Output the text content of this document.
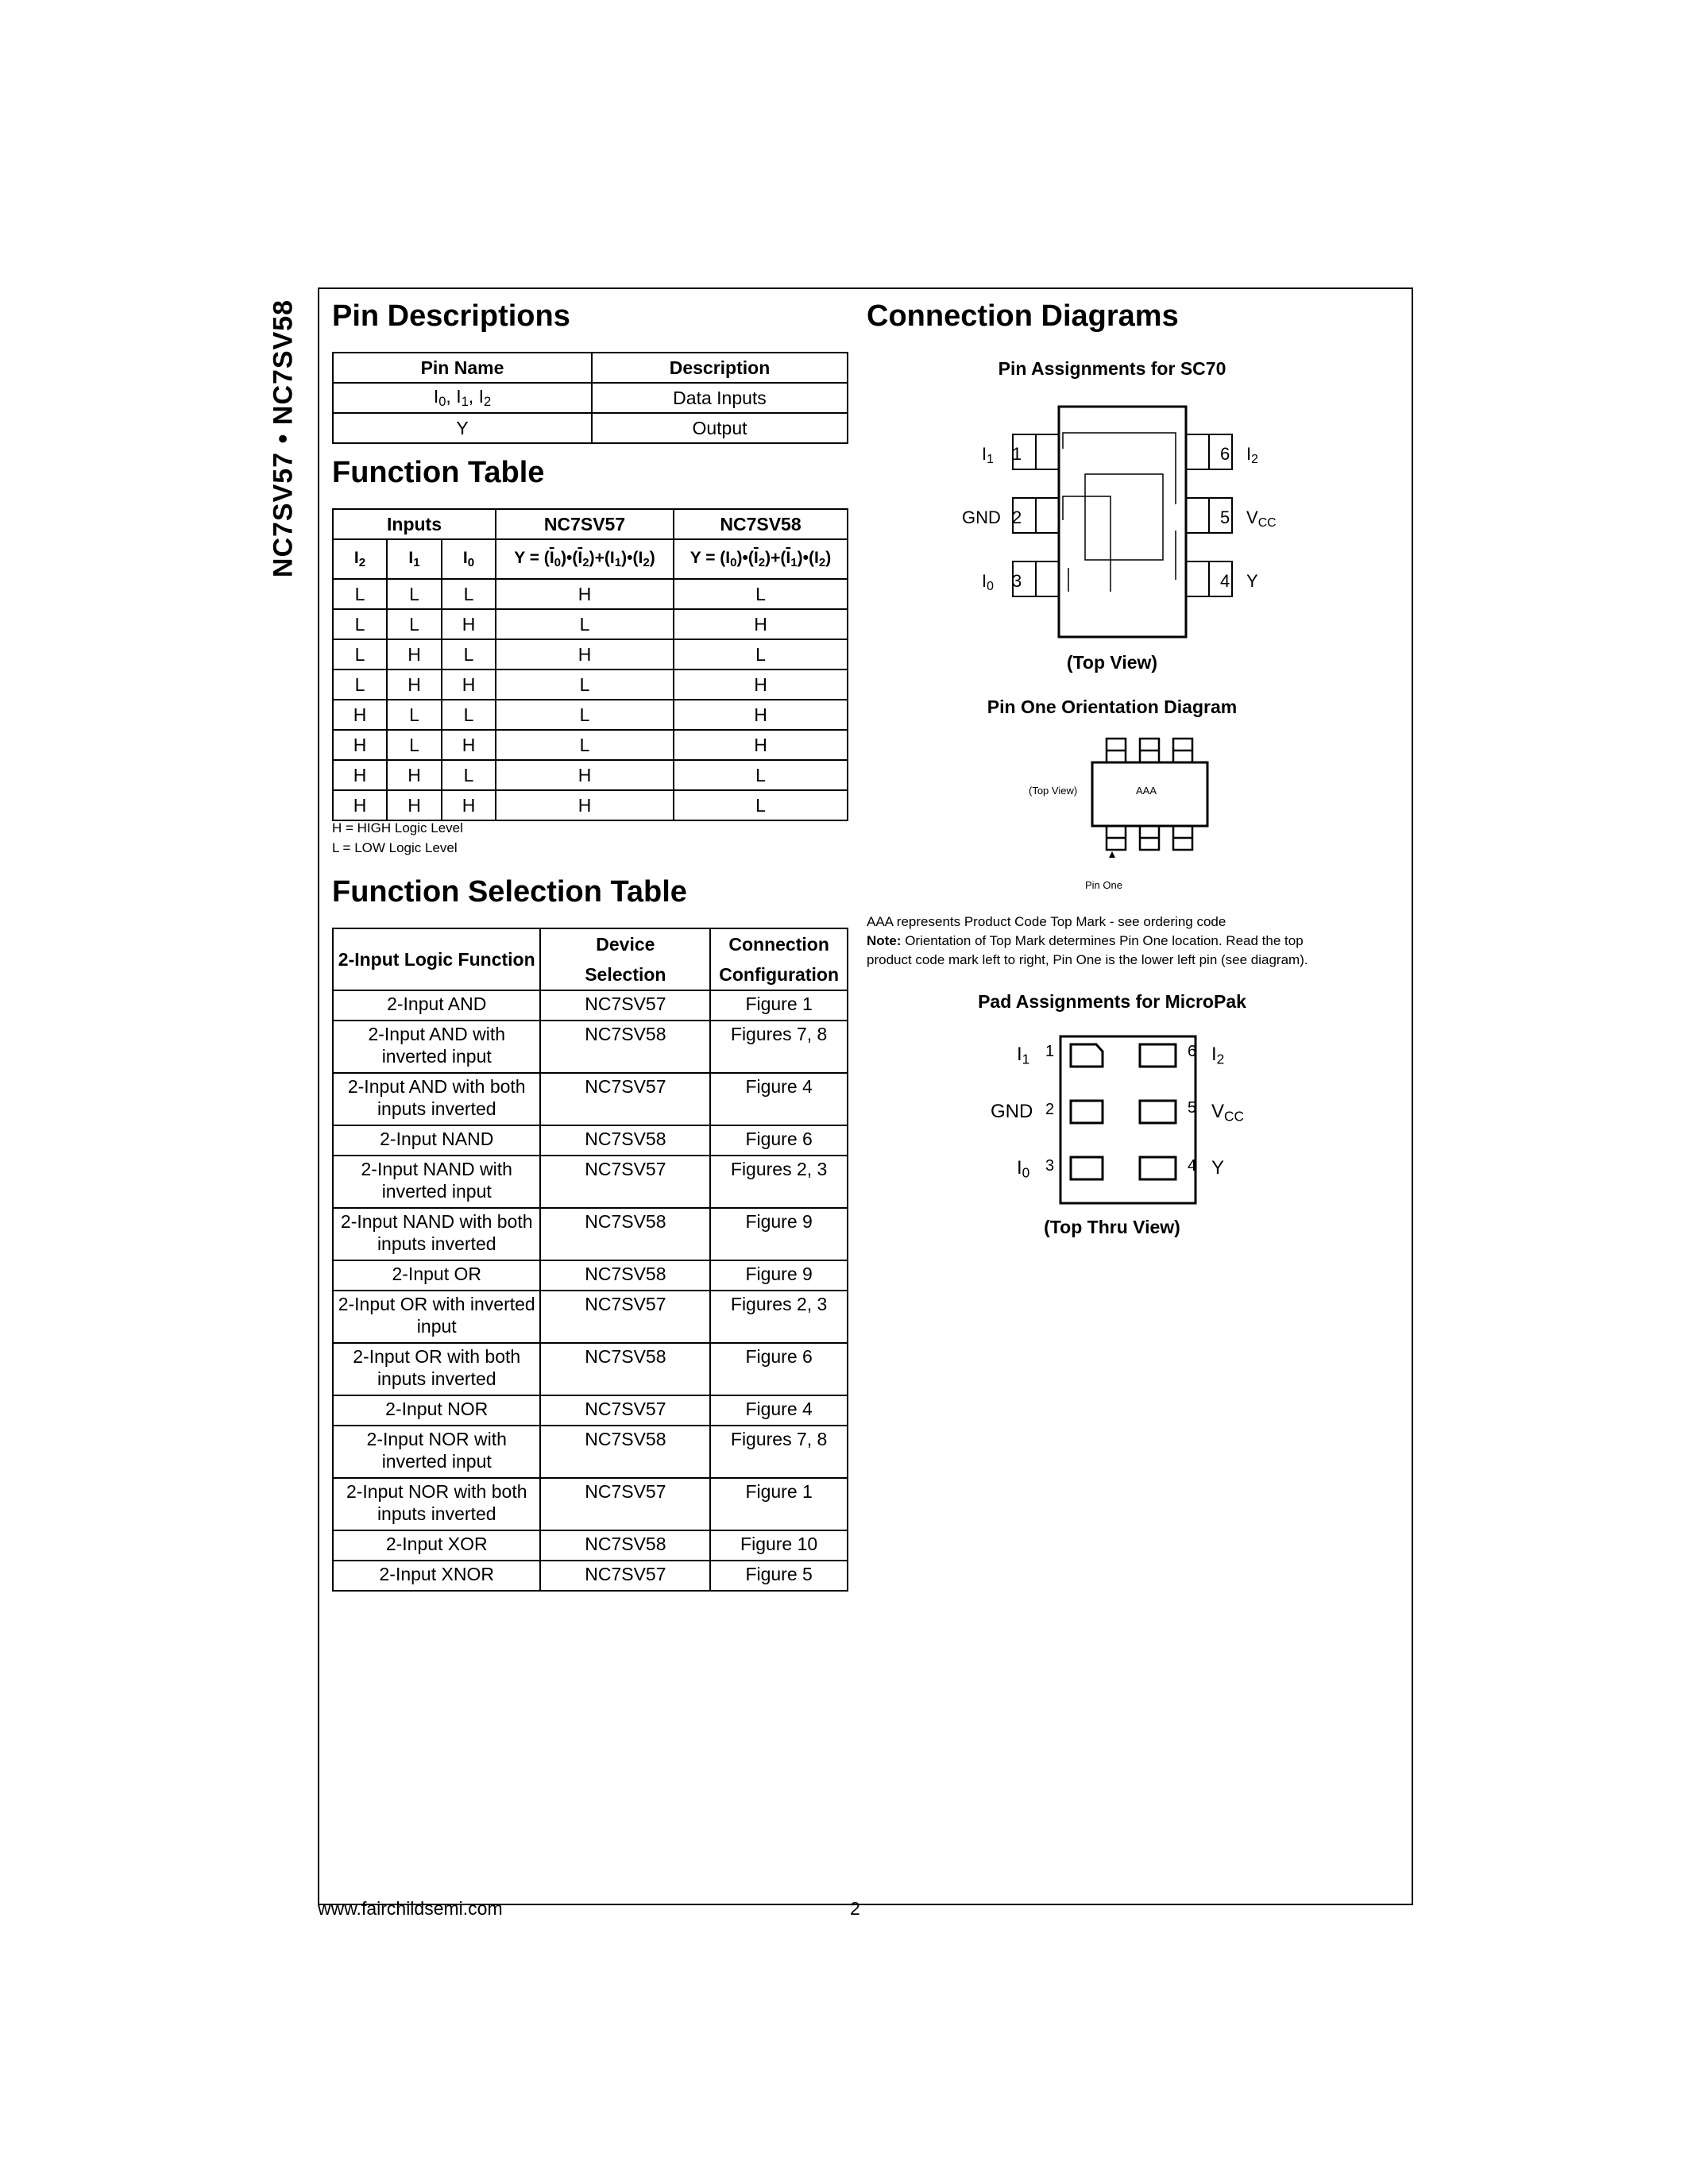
NC7SV57 • NC7SV58 Pin Descriptions
Pin Name	Description
$I_0$, $I_1$, $I_2$	Data Inputs
Y	Output
Function Table
Inputs			NC7SV57	NC7SV58
$I_2$	$I_1$	$I_0$	$Y = (\overline{I}_0)•(\overline{I}_2)+(I_1)•(I_2)$	$Y = (I_0)•(\overline{I}_2)+(\overline{I}_1)•(I_2)$
L	L	L	H	L
L	L	H	L	H
L	H	L	H	L
L	H	H	L	H
H	L	L	L	H
H	L	H	L	H
H	H	L	H	L
H	H	H	H	L
H = HIGH Logic Level
L = LOW Logic Level
Function Selection Table
2-Input Logic Function	Device Selection	Connection Configuration
2-Input AND	NC7SV57	Figure 1
2-Input AND with inverted input	NC7SV58	Figures 7, 8
2-Input AND with both inputs inverted	NC7SV57	Figure 4
2-Input NAND	NC7SV58	Figure 6
2-Input NAND with inverted input	NC7SV57	Figures 2, 3
2-Input NAND with both inputs inverted	NC7SV58	Figure 9
2-Input OR	NC7SV58	Figure 9
2-Input OR with inverted input	NC7SV57	Figures 2, 3
2-Input OR with both inputs inverted	NC7SV58	Figure 6
2-Input NOR	NC7SV57	Figure 4
2-Input NOR with inverted input	NC7SV58	Figures 7, 8
2-Input NOR with both inputs inverted	NC7SV57	Figure 1
2-Input XOR	NC7SV58	Figure 10
2-Input XNOR	NC7SV57	Figure 5
Connection Diagrams
Pin Assignments for SC70
$I_1$
GND
$I_0$
$I_2$
$V_{CC}$
Y
1
2
3
6
5
4
(Top View)
Pin One Orientation Diagram
(Top View)	AAA
Pin One
AAA represents Product Code Top Mark - see ordering code
Note: Orientation of Top Mark determines Pin One location. Read the top
product code mark left to right, Pin One is the lower left pin (see diagram).
Pad Assignments for MicroPak
$I_1$
GND
$I_0$
1
2
3
6
5
4
$I_2$
$V_{CC}$
Y
(Top Thru View)
www.fairchildsemi.com	2
